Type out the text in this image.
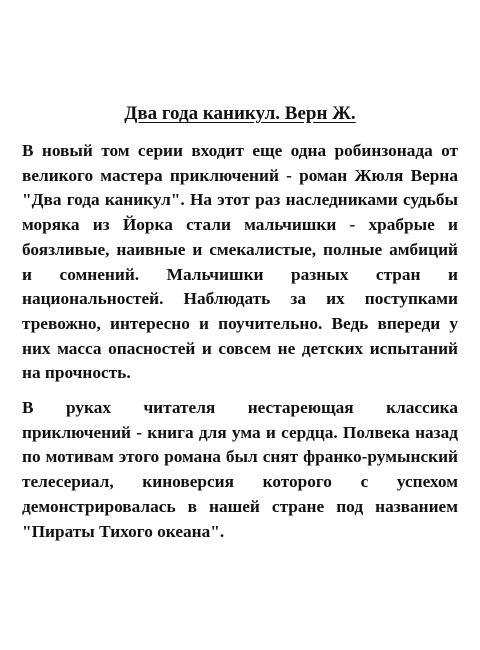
Два года каникул. Верн Ж.

В новый том серии входит еще одна робинзонада от великого мастера приключений - роман Жюля Верна "Два года каникул". На этот раз наследниками судьбы моряка из Йорка стали мальчишки - храбрые и боязливые, наивные и смекалистые, полные амбиций и сомнений. Мальчишки разных стран и национальностей. Наблюдать за их поступками тревожно, интересно и поучительно. Ведь впереди у них масса опасностей и совсем не детских испытаний на прочность.

В руках читателя нестареющая классика приключений - книга для ума и сердца. Полвека назад по мотивам этого романа был снят франко-румынский телесериал, киноверсия которого с успехом демонстрировалась в нашей стране под названием "Пираты Тихого океана".
